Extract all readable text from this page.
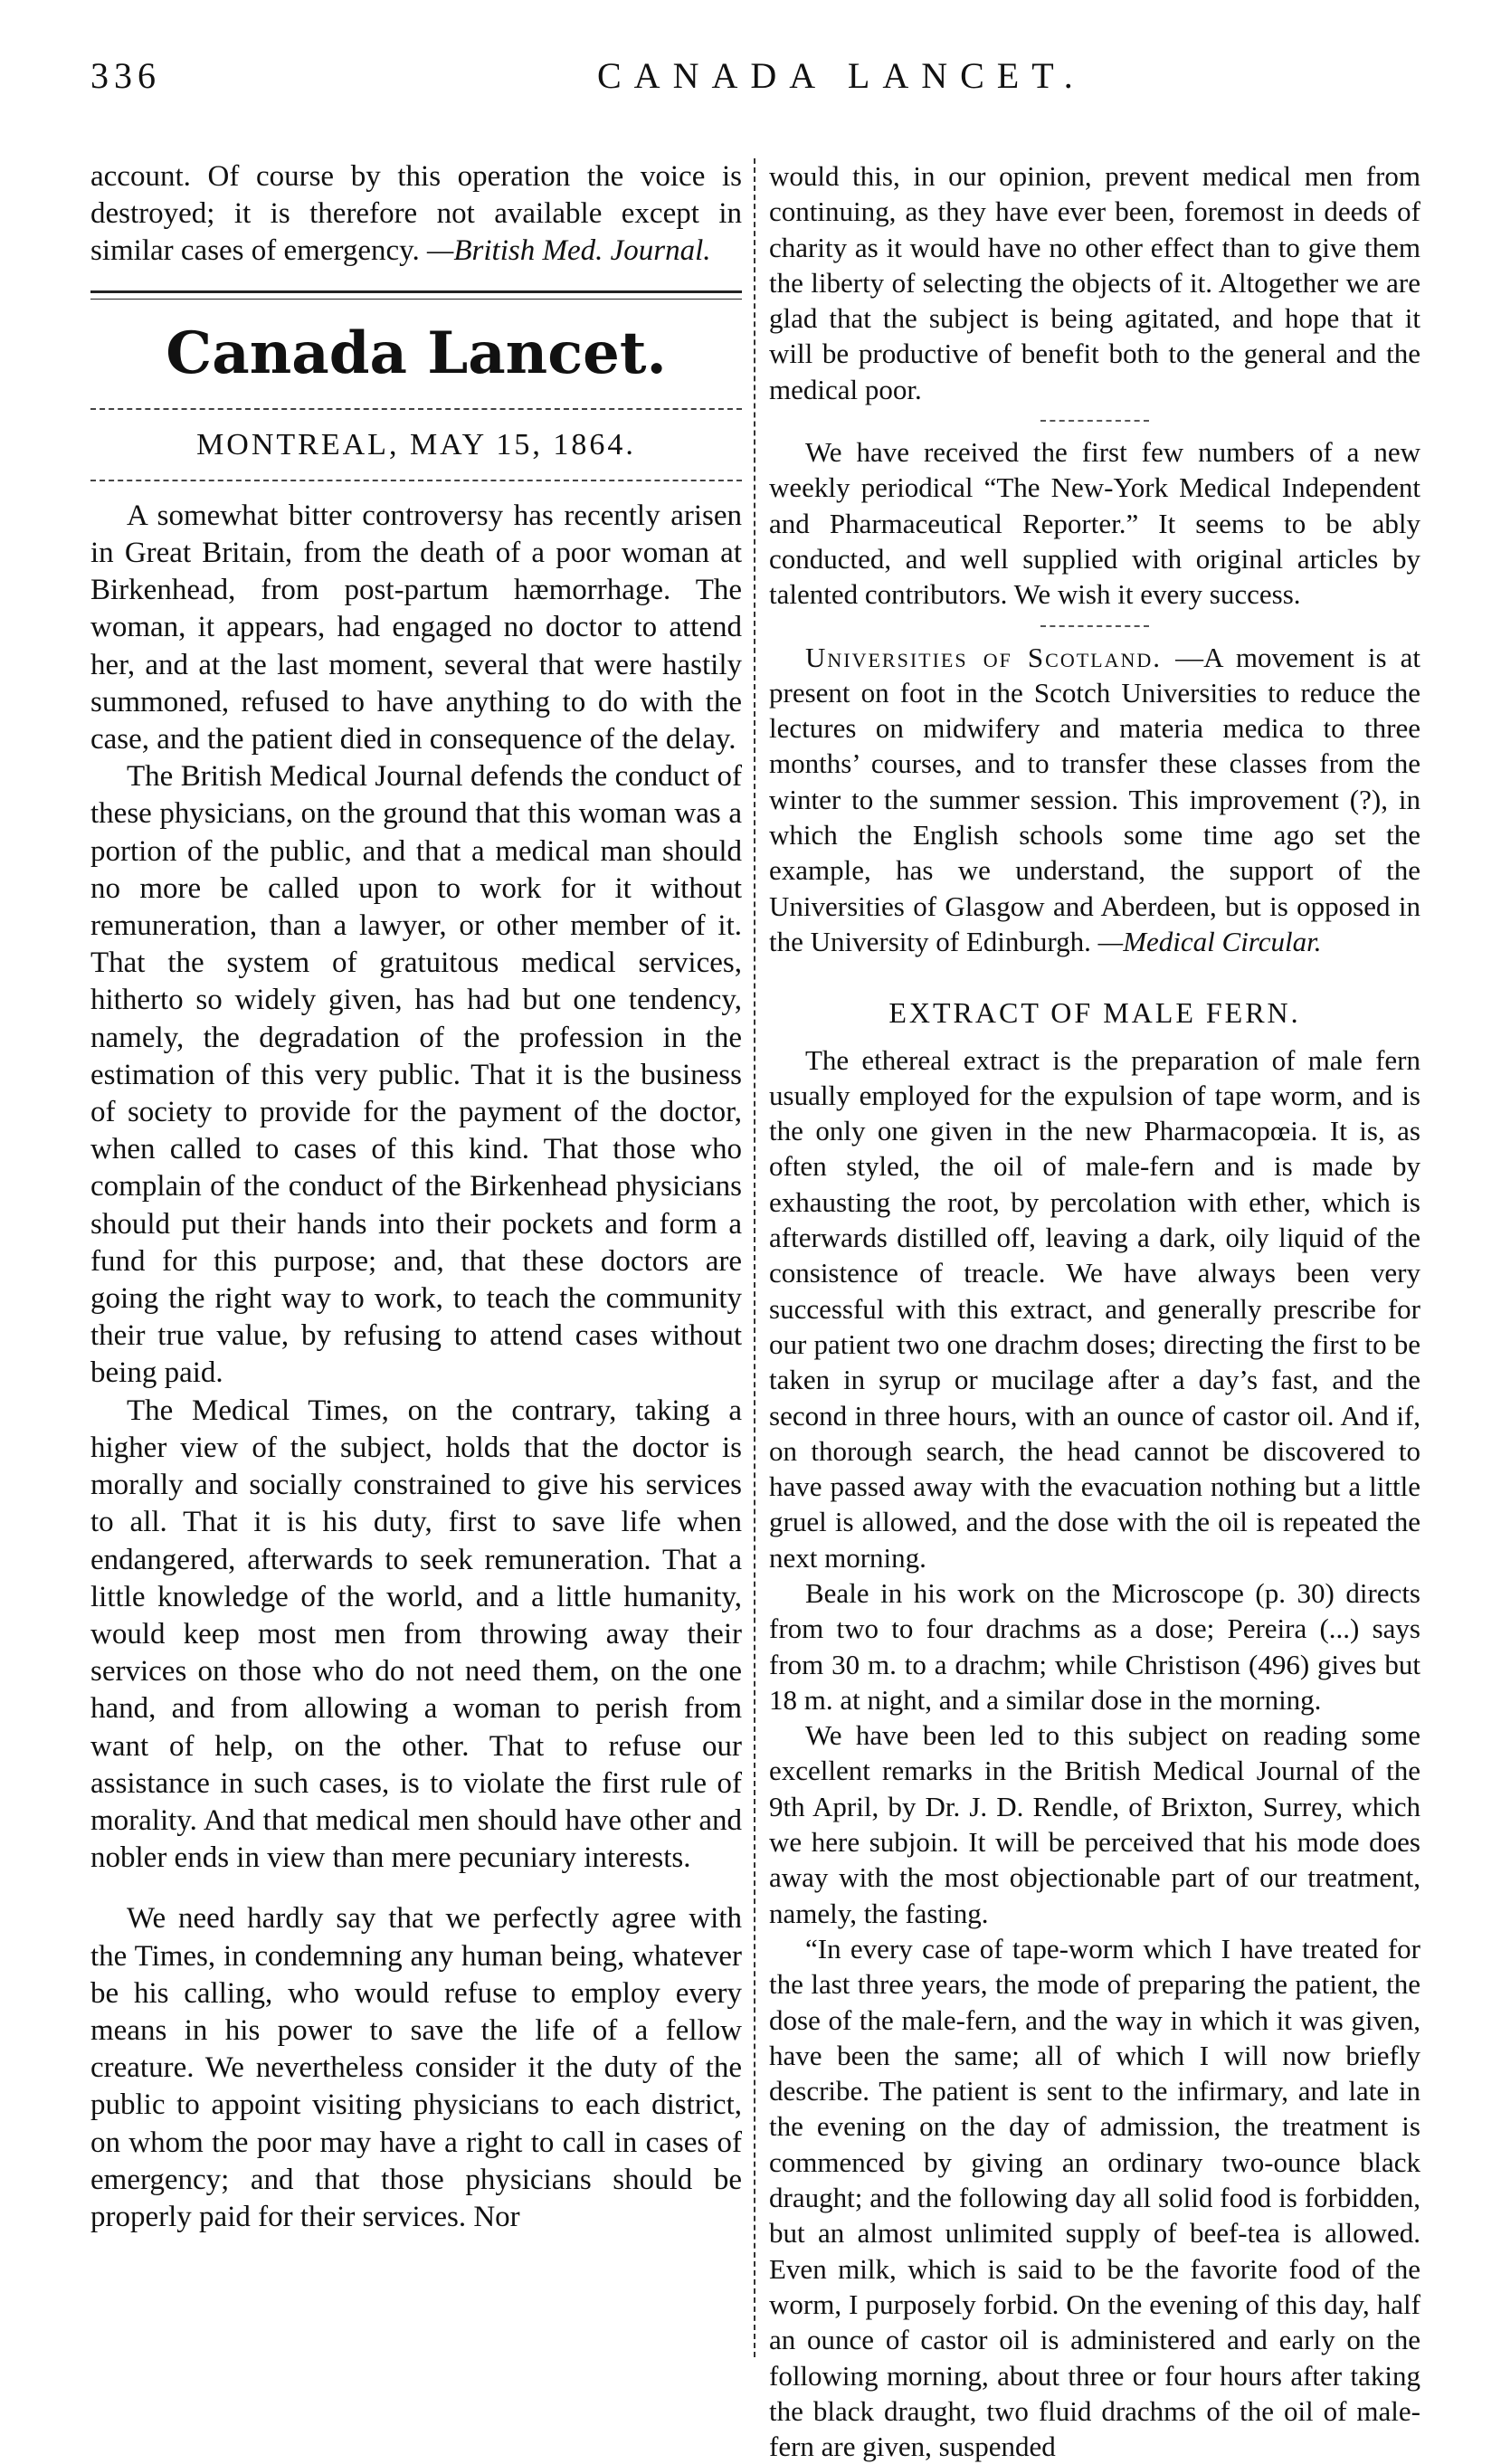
336	CANADA LANCET.

account. Of course by this operation the voice is destroyed; it is therefore not available except in similar cases of emergency. —British Med. Journal.

Canada Lancet.
MONTREAL, MAY 15, 1864.

A somewhat bitter controversy has recently arisen in Great Britain, from the death of a poor woman at Birkenhead, from post-partum hæmorrhage. The woman, it appears, had engaged no doctor to attend her, and at the last moment, several that were hastily summoned, refused to have anything to do with the case, and the patient died in consequence of the delay.

The British Medical Journal defends the conduct of these physicians, on the ground that this woman was a portion of the public, and that a medical man should no more be called upon to work for it without remuneration, than a lawyer, or other member of it. That the system of gratuitous medical services, hitherto so widely given, has had but one tendency, namely, the degradation of the profession in the estimation of this very public. That it is the business of society to provide for the payment of the doctor, when called to cases of this kind. That those who complain of the conduct of the Birkenhead physicians should put their hands into their pockets and form a fund for this purpose; and, that these doctors are going the right way to work, to teach the community their true value, by refusing to attend cases without being paid.

The Medical Times, on the contrary, taking a higher view of the subject, holds that the doctor is morally and socially constrained to give his services to all. That it is his duty, first to save life when endangered, afterwards to seek remuneration. That a little knowledge of the world, and a little humanity, would keep most men from throwing away their services on those who do not need them, on the one hand, and from allowing a woman to perish from want of help, on the other. That to refuse our assistance in such cases, is to violate the first rule of morality. And that medical men should have other and nobler ends in view than mere pecuniary interests.

We need hardly say that we perfectly agree with the Times, in condemning any human being, whatever be his calling, who would refuse to employ every means in his power to save the life of a fellow creature. We nevertheless consider it the duty of the public to appoint visiting physicians to each district, on whom the poor may have a right to call in cases of emergency; and that those physicians should be properly paid for their services. Nor

would this, in our opinion, prevent medical men from continuing, as they have ever been, foremost in deeds of charity as it would have no other effect than to give them the liberty of selecting the objects of it. Altogether we are glad that the subject is being agitated, and hope that it will be productive of benefit both to the general and the medical poor.

We have received the first few numbers of a new weekly periodical “The New-York Medical Independent and Pharmaceutical Reporter.” It seems to be ably conducted, and well supplied with original articles by talented contributors. We wish it every success.

Universities of Scotland. —A movement is at present on foot in the Scotch Universities to reduce the lectures on midwifery and materia medica to three months’ courses, and to transfer these classes from the winter to the summer session. This improvement (?), in which the English schools some time ago set the example, has we understand, the support of the Universities of Glasgow and Aberdeen, but is opposed in the University of Edinburgh. —Medical Circular.

EXTRACT OF MALE FERN.

The ethereal extract is the preparation of male fern usually employed for the expulsion of tape worm, and is the only one given in the new Pharmacopœia. It is, as often styled, the oil of male-fern and is made by exhausting the root, by percolation with ether, which is afterwards distilled off, leaving a dark, oily liquid of the consistence of treacle. We have always been very successful with this extract, and generally prescribe for our patient two one drachm doses; directing the first to be taken in syrup or mucilage after a day’s fast, and the second in three hours, with an ounce of castor oil. And if, on thorough search, the head cannot be discovered to have passed away with the evacuation nothing but a little gruel is allowed, and the dose with the oil is repeated the next morning.

Beale in his work on the Microscope (p. 30) directs from two to four drachms as a dose; Pereira (...) says from 30 m. to a drachm; while Christison (496) gives but 18 m. at night, and a similar dose in the morning.

We have been led to this subject on reading some excellent remarks in the British Medical Journal of the 9th April, by Dr. J. D. Rendle, of Brixton, Surrey, which we here subjoin. It will be perceived that his mode does away with the most objectionable part of our treatment, namely, the fasting.

“In every case of tape-worm which I have treated for the last three years, the mode of preparing the patient, the dose of the male-fern, and the way in which it was given, have been the same; all of which I will now briefly describe. The patient is sent to the infirmary, and late in the evening on the day of admission, the treatment is commenced by giving an ordinary two-ounce black draught; and the following day all solid food is forbidden, but an almost unlimited supply of beef-tea is allowed. Even milk, which is said to be the favorite food of the worm, I purposely forbid. On the evening of this day, half an ounce of castor oil is administered and early on the following morning, about three or four hours after taking the black draught, two fluid drachms of the oil of male-fern are given, suspended
